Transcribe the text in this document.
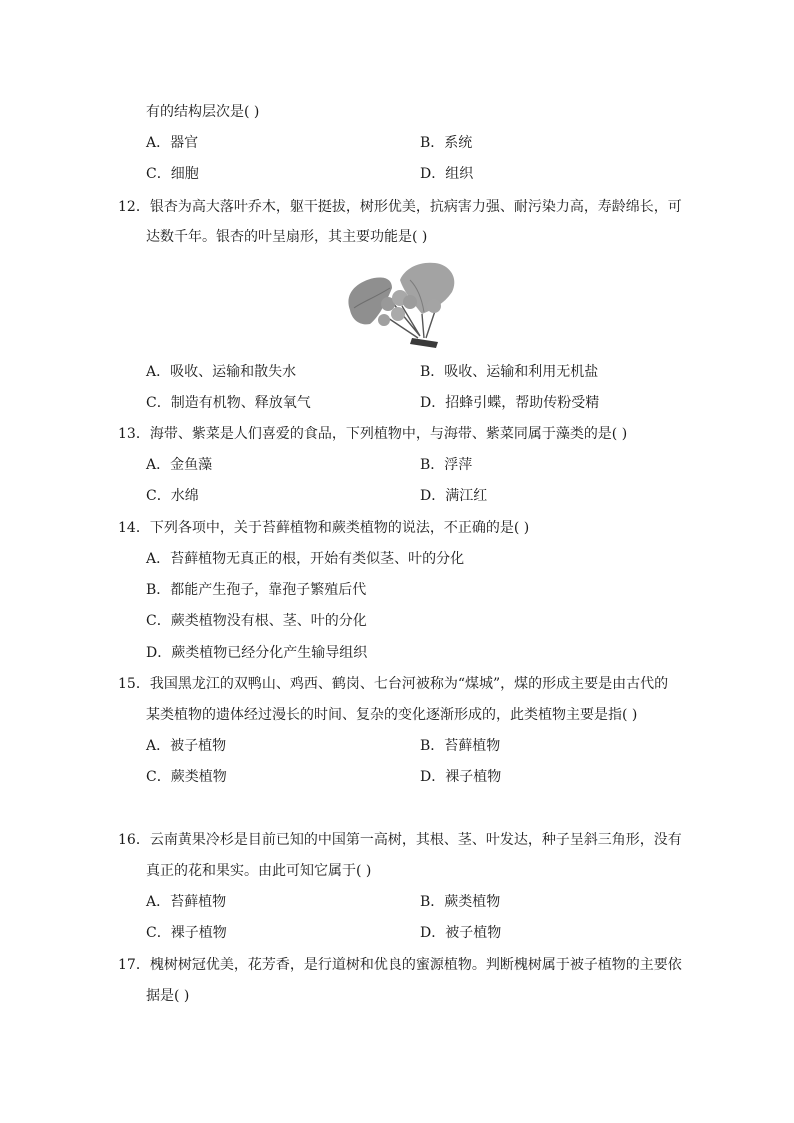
有的结构层次是( )
A．器官	B．系统
C．细胞	D．组织
12．银杏为高大落叶乔木，躯干挺拔，树形优美，抗病害力强、耐污染力高，寿龄绵长，可
达数千年。银杏的叶呈扇形，其主要功能是( )
A．吸收、运输和散失水	B．吸收、运输和利用无机盐
C．制造有机物、释放氧气	D．招蜂引蝶，帮助传粉受精
13．海带、紫菜是人们喜爱的食品，下列植物中，与海带、紫菜同属于藻类的是( )
A．金鱼藻	B．浮萍
C．水绵	D．满江红
14．下列各项中，关于苔藓植物和蕨类植物的说法，不正确的是( )
A．苔藓植物无真正的根，开始有类似茎、叶的分化
B．都能产生孢子，靠孢子繁殖后代
C．蕨类植物没有根、茎、叶的分化
D．蕨类植物已经分化产生输导组织
15．我国黑龙江的双鸭山、鸡西、鹤岗、七台河被称为“煤城”，煤的形成主要是由古代的
某类植物的遗体经过漫长的时间、复杂的变化逐渐形成的，此类植物主要是指( )
A．被子植物	B．苔藓植物
C．蕨类植物	D．裸子植物
16．云南黄果冷杉是目前已知的中国第一高树，其根、茎、叶发达，种子呈斜三角形，没有
真正的花和果实。由此可知它属于( )
A．苔藓植物	B．蕨类植物
C．裸子植物	D．被子植物
17．槐树树冠优美，花芳香，是行道树和优良的蜜源植物。判断槐树属于被子植物的主要依
据是( )
